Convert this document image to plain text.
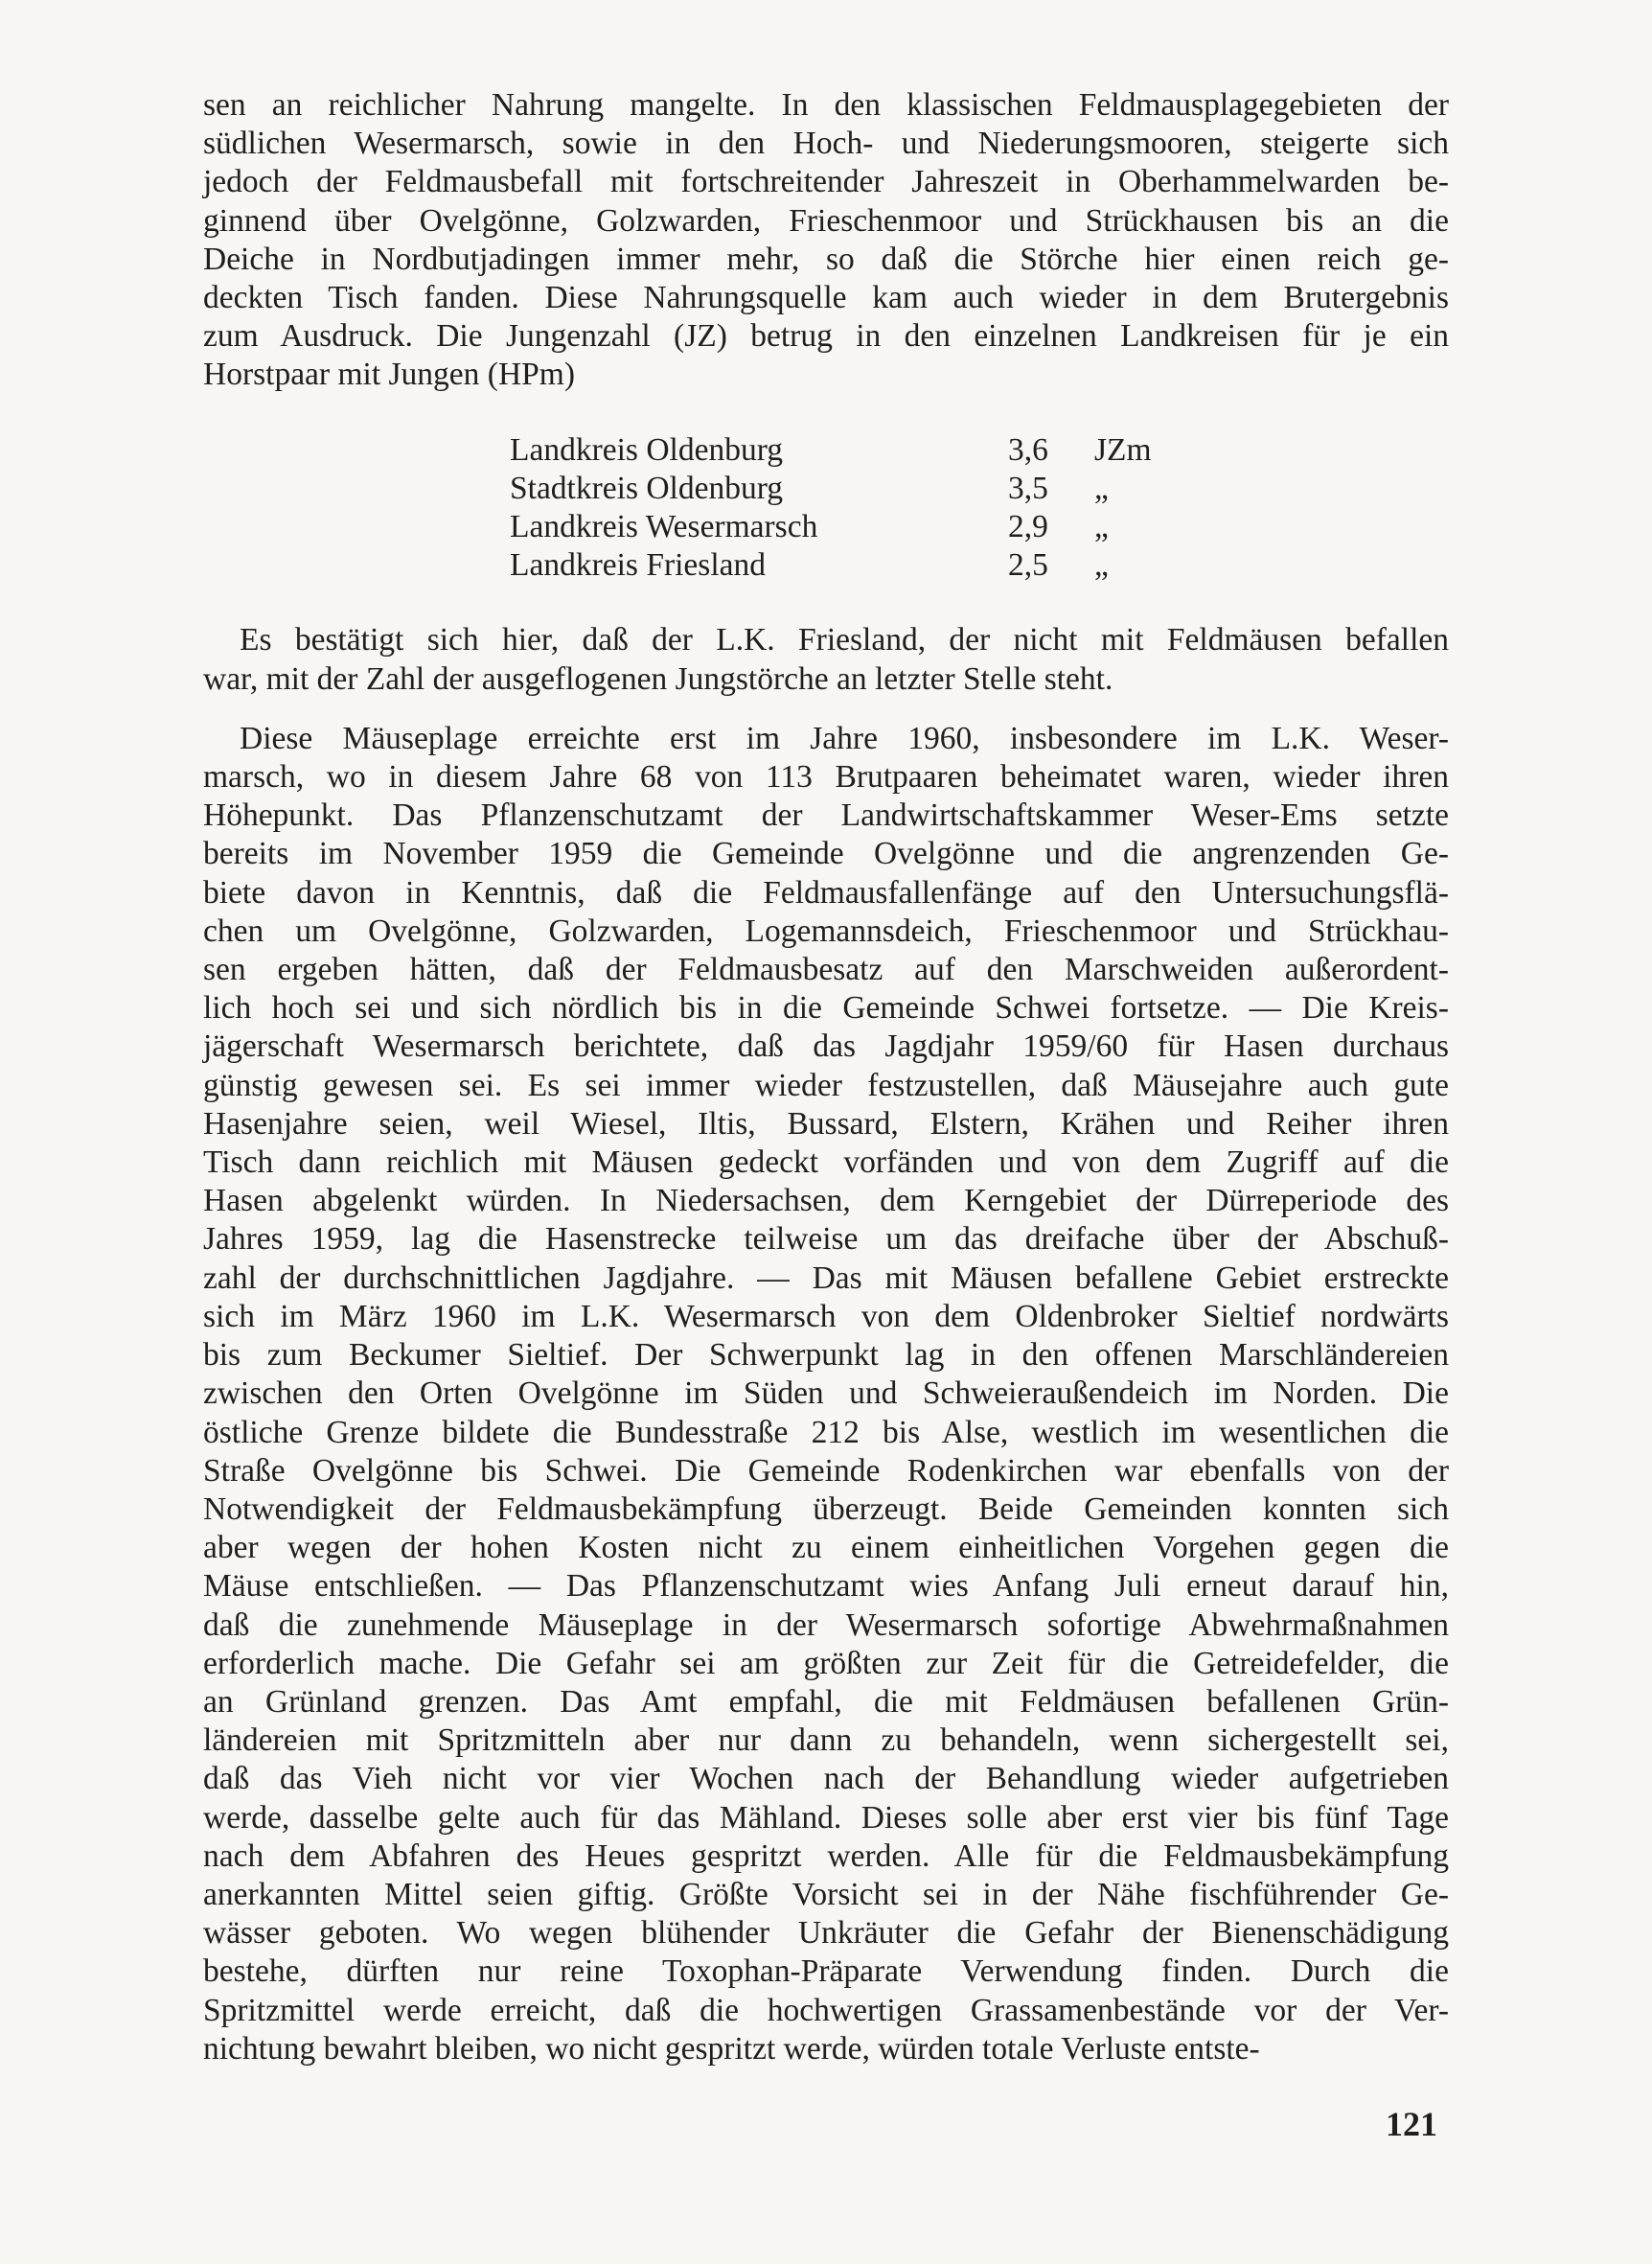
sen an reichlicher Nahrung mangelte. In den klassischen Feldmausplagegebieten der
südlichen Wesermarsch, sowie in den Hoch- und Niederungsmooren, steigerte sich
jedoch der Feldmausbefall mit fortschreitender Jahreszeit in Oberhammelwarden be-
ginnend über Ovelgönne, Golzwarden, Frieschenmoor und Strückhausen bis an die
Deiche in Nordbutjadingen immer mehr, so daß die Störche hier einen reich ge-
deckten Tisch fanden. Diese Nahrungsquelle kam auch wieder in dem Brutergebnis
zum Ausdruck. Die Jungenzahl (JZ) betrug in den einzelnen Landkreisen für je ein
Horstpaar mit Jungen (HPm)

Landkreis Oldenburg	3,6	JZm
Stadtkreis Oldenburg	3,5	„
Landkreis Wesermarsch	2,9	„
Landkreis Friesland	2,5	„

Es bestätigt sich hier, daß der L.K. Friesland, der nicht mit Feldmäusen befallen
war, mit der Zahl der ausgeflogenen Jungstörche an letzter Stelle steht.

Diese Mäuseplage erreichte erst im Jahre 1960, insbesondere im L.K. Weser-
marsch, wo in diesem Jahre 68 von 113 Brutpaaren beheimatet waren, wieder ihren
Höhepunkt. Das Pflanzenschutzamt der Landwirtschaftskammer Weser-Ems setzte
bereits im November 1959 die Gemeinde Ovelgönne und die angrenzenden Ge-
biete davon in Kenntnis, daß die Feldmausfallenfänge auf den Untersuchungsflä-
chen um Ovelgönne, Golzwarden, Logemannsdeich, Frieschenmoor und Strückhau-
sen ergeben hätten, daß der Feldmausbesatz auf den Marschweiden außerordent-
lich hoch sei und sich nördlich bis in die Gemeinde Schwei fortsetze. — Die Kreis-
jägerschaft Wesermarsch berichtete, daß das Jagdjahr 1959/60 für Hasen durchaus
günstig gewesen sei. Es sei immer wieder festzustellen, daß Mäusejahre auch gute
Hasenjahre seien, weil Wiesel, Iltis, Bussard, Elstern, Krähen und Reiher ihren
Tisch dann reichlich mit Mäusen gedeckt vorfänden und von dem Zugriff auf die
Hasen abgelenkt würden. In Niedersachsen, dem Kerngebiet der Dürreperiode des
Jahres 1959, lag die Hasenstrecke teilweise um das dreifache über der Abschuß-
zahl der durchschnittlichen Jagdjahre. — Das mit Mäusen befallene Gebiet erstreckte
sich im März 1960 im L.K. Wesermarsch von dem Oldenbroker Sieltief nordwärts
bis zum Beckumer Sieltief. Der Schwerpunkt lag in den offenen Marschländereien
zwischen den Orten Ovelgönne im Süden und Schweieraußendeich im Norden. Die
östliche Grenze bildete die Bundesstraße 212 bis Alse, westlich im wesentlichen die
Straße Ovelgönne bis Schwei. Die Gemeinde Rodenkirchen war ebenfalls von der
Notwendigkeit der Feldmausbekämpfung überzeugt. Beide Gemeinden konnten sich
aber wegen der hohen Kosten nicht zu einem einheitlichen Vorgehen gegen die
Mäuse entschließen. — Das Pflanzenschutzamt wies Anfang Juli erneut darauf hin,
daß die zunehmende Mäuseplage in der Wesermarsch sofortige Abwehrmaßnahmen
erforderlich mache. Die Gefahr sei am größten zur Zeit für die Getreidefelder, die
an Grünland grenzen. Das Amt empfahl, die mit Feldmäusen befallenen Grün-
ländereien mit Spritzmitteln aber nur dann zu behandeln, wenn sichergestellt sei,
daß das Vieh nicht vor vier Wochen nach der Behandlung wieder aufgetrieben
werde, dasselbe gelte auch für das Mähland. Dieses solle aber erst vier bis fünf Tage
nach dem Abfahren des Heues gespritzt werden. Alle für die Feldmausbekämpfung
anerkannten Mittel seien giftig. Größte Vorsicht sei in der Nähe fischführender Ge-
wässer geboten. Wo wegen blühender Unkräuter die Gefahr der Bienenschädigung
bestehe, dürften nur reine Toxophan-Präparate Verwendung finden. Durch die
Spritzmittel werde erreicht, daß die hochwertigen Grassamenbestände vor der Ver-
nichtung bewahrt bleiben, wo nicht gespritzt werde, würden totale Verluste entste-

121
